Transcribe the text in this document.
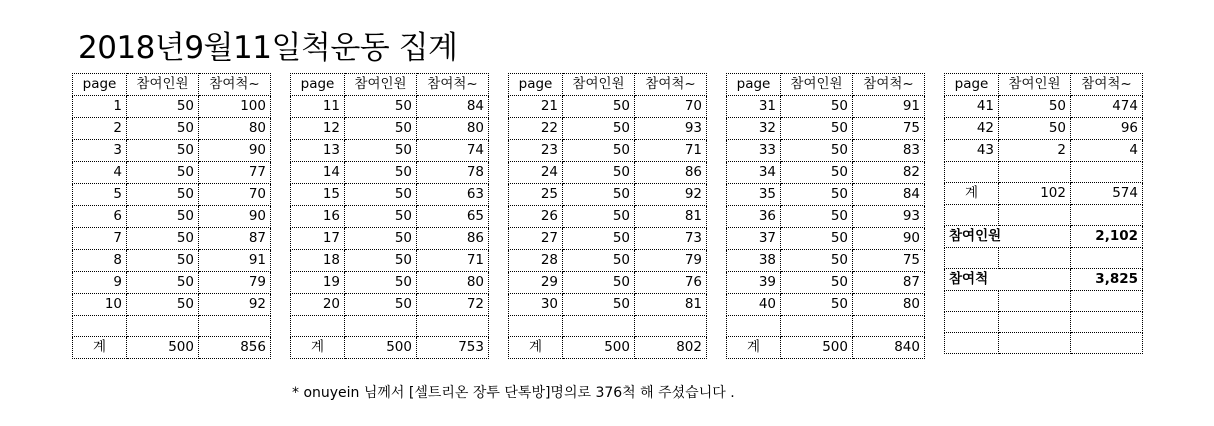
2018년9월11일척운동 집계
page	참여인원	참여척~
1	50	100
2	50	80
3	50	90
4	50	77
5	50	70
6	50	90
7	50	87
8	50	91
9	50	79
10	50	92

계	500	856
page	참여인원	참여척~
11	50	84
12	50	80
13	50	74
14	50	78
15	50	63
16	50	65
17	50	86
18	50	71
19	50	80
20	50	72

계	500	753
page	참여인원	참여척~
21	50	70
22	50	93
23	50	71
24	50	86
25	50	92
26	50	81
27	50	73
28	50	79
29	50	76
30	50	81

계	500	802
page	참여인원	참여척~
31	50	91
32	50	75
33	50	83
34	50	82
35	50	84
36	50	93
37	50	90
38	50	75
39	50	87
40	50	80

계	500	840
page	참여인원	참여척~
41	50	474
42	50	96
43	2	4

계	102	574

참여인원		2,102

참여척		3,825

* onuyein 님께서 [셀트리온 장투 단톡방]명의로 376척 해 주셨습니다 .
